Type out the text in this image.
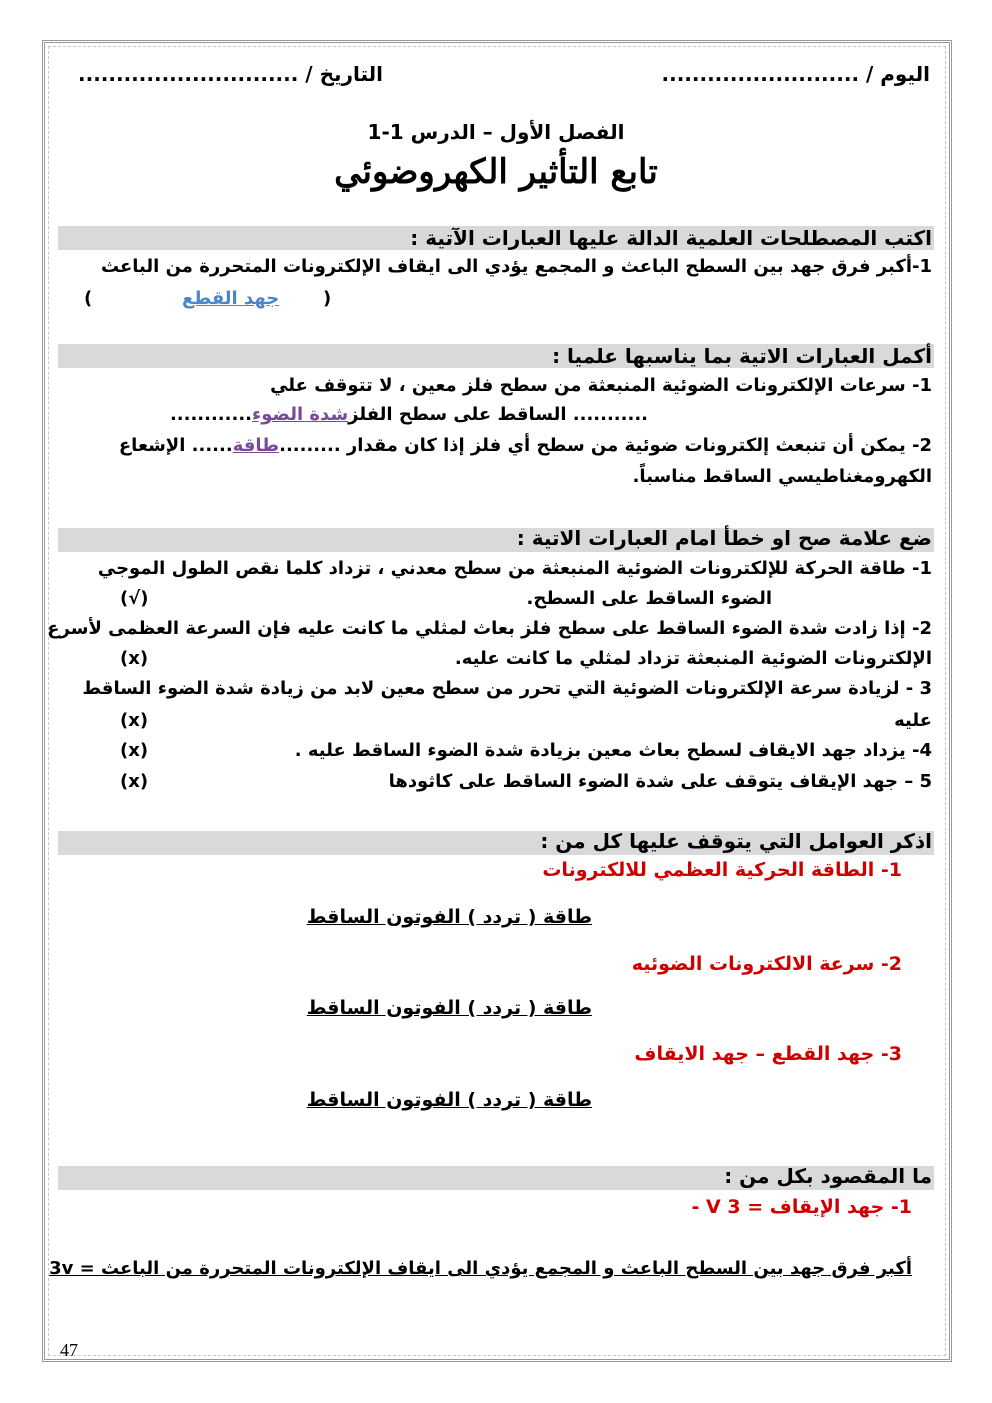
اليوم / ..........................
التاريخ / .............................
الفصل الأول – الدرس 1-1
تابع التأثير الكهروضوئي
اكتب المصطلحات العلمية الدالة عليها العبارات الآتية :
1-أكبر فرق جهد بين السطح الباعث و المجمع يؤدي الى ايقاف الإلكترونات المتحررة من الباعث
(
جهد القطع
)
أكمل العبارات الاتية بما يناسبها علميا :
1- سرعات الإلكترونات الضوئية المنبعثة من سطح فلز معين ، لا تتوقف علي
........... الساقط على سطح الفلزشدة الضوء............
2- يمكن أن تنبعث إلكترونات ضوئية من سطح أي فلز إذا كان مقدار .........طاقة...... الإشعاع
الكهرومغناطيسي الساقط مناسباً.
ضع علامة صح او خطأ امام العبارات الاتية :
1- طاقة الحركة للإلكترونات الضوئية المنبعثة من سطح معدني ، تزداد كلما نقص الطول الموجي
الضوء الساقط على السطح.
(√)
2- إذا زادت شدة الضوء الساقط على سطح فلز بعاث لمثلي ما كانت عليه فإن السرعة العظمى لأسرع
الإلكترونات الضوئية المنبعثة تزداد لمثلي ما كانت عليه.
(x)
3 - لزيادة سرعة الإلكترونات الضوئية التي تحرر من سطح معين لابد من زيادة شدة الضوء الساقط
عليه
(x)
4- يزداد جهد الايقاف لسطح بعاث معين بزيادة شدة الضوء الساقط عليه .
(x)
5 – جهد الإيقاف يتوقف على شدة الضوء الساقط على كاثودها
(x)
اذكر العوامل التي يتوقف عليها كل من :
1- الطاقة الحركية العظمي للالكترونات
طاقة ( تردد ) الفوتون الساقط
2- سرعة الالكترونات الضوئيه
طاقة ( تردد ) الفوتون الساقط
3- جهد القطع – جهد الايقاف
طاقة ( تردد ) الفوتون الساقط
ما المقصود بكل من :
1- جهد الإيقاف = 3 V -
أكبر فرق جهد بين السطح الباعث و المجمع يؤدي الى ايقاف الإلكترونات المتحررة من الباعث = 3v
47
